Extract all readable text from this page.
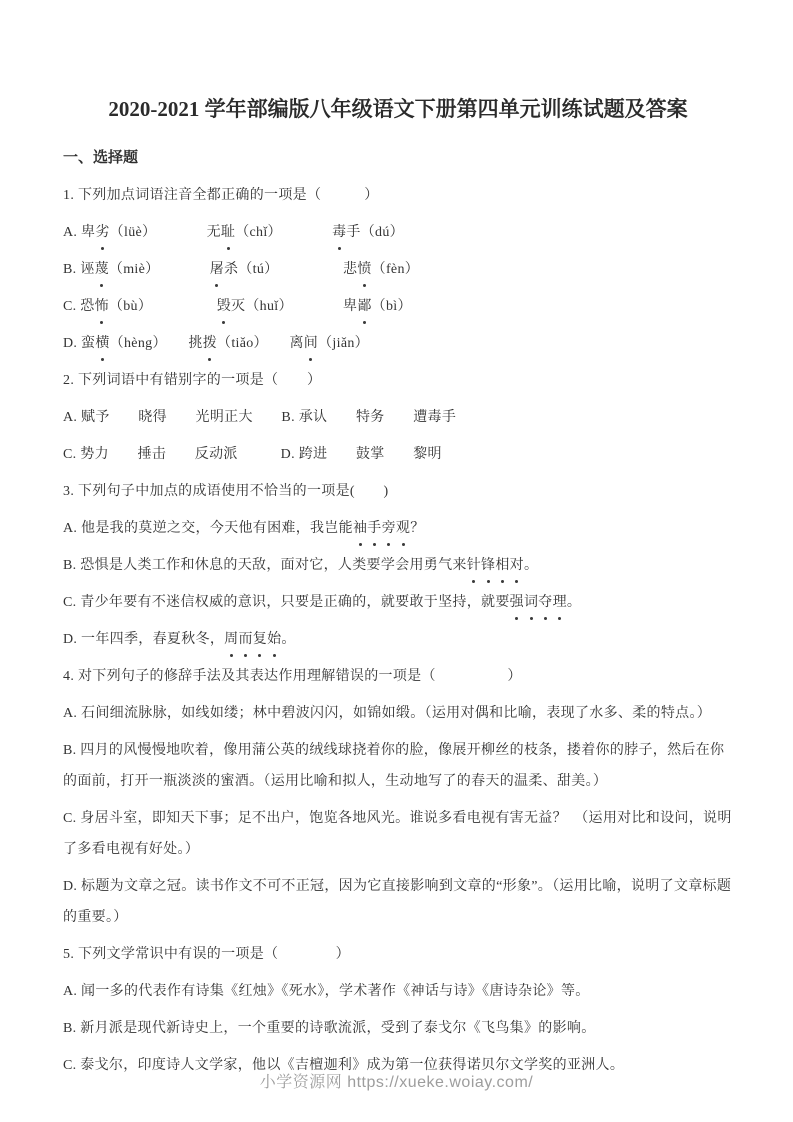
2020-2021 学年部编版八年级语文下册第四单元训练试题及答案
一、选择题

1. 下列加点词语注音全都正确的一项是（　　　	）

A. 卑劣（lüè）　　　　	无耻（chǐ）　　　　	毒手（dú）

B. 诬蔑（miè）　　　　	屠杀（tú）　　　　　	悲愤（fèn）

C. 恐怖（bù）　　　　　	毁灭（huǐ）　　　　	卑鄙（bì）

D. 蛮横（hèng）　　 挑拨（tiǎo）　　 离间（jiǎn）

2. 下列词语中有错别字的一项是（　　 ）

A. 赋予　　 晓得　　 光明正大　　 B. 承认　　 特务　　 遭毒手

C. 势力　　 捶击　　 反动派　　　	D. 跨进　　 鼓掌　　 黎明

3. 下列句子中加点的成语使用不恰当的一项是(　　 )

A. 他是我的莫逆之交，今天他有困难，我岂能袖手旁观？

B. 恐惧是人类工作和休息的天敌，面对它，人类要学会用勇气来针锋相对。

C. 青少年要有不迷信权威的意识，只要是正确的，就要敢于坚持，就要强词夺理。

D. 一年四季，春夏秋冬，周而复始。

4. 对下列句子的修辞手法及其表达作用理解错误的一项是（　　　　　	）

A. 石间细流脉脉，如线如缕；林中碧波闪闪，如锦如缎。（运用对偶和比喻，表现了水多、柔的特点。）

B. 四月的风慢慢地吹着，像用蒲公英的绒线球挠着你的脸，像展开柳丝的枝条，搂着你的脖子，然后在你的面前，打开一瓶淡淡的蜜酒。（运用比喻和拟人，生动地写了的春天的温柔、甜美。）

C. 身居斗室，即知天下事；足不出户，饱览各地风光。谁说多看电视有害无益？　 （运用对比和设问，说明了多看电视有好处。）

D. 标题为文章之冠。读书作文不可不正冠，因为它直接影响到文章的“形象”。（运用比喻，说明了文章标题的重要。）

5. 下列文学常识中有误的一项是（　　　　	）

A. 闻一多的代表作有诗集《红烛》《死水》，学术著作《神话与诗》《唐诗杂论》等。

B. 新月派是现代新诗史上，一个重要的诗歌流派，受到了泰戈尔《飞鸟集》的影响。

C. 泰戈尔，印度诗人文学家，他以《吉檀迦利》成为第一位获得诺贝尔文学奖的亚洲人。

小学资源网 https://xueke.woiay.com/
